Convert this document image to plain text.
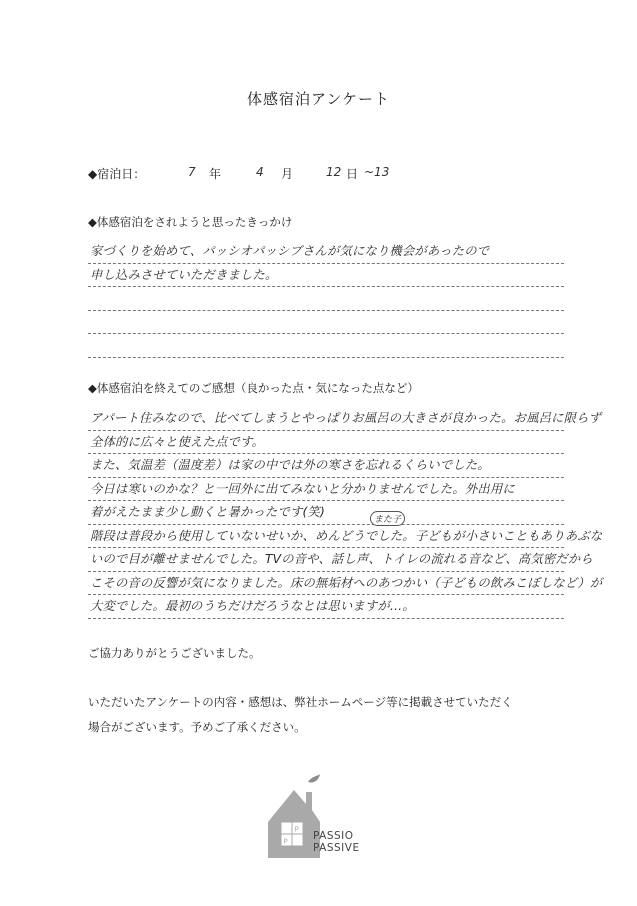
体感宿泊アンケート
◆宿泊日：	7 年	4 月	12 日 ~13
◆体感宿泊をされようと思ったきっかけ
家づくりを始めて、パッシオパッシブさんが気になり機会があったので
申し込みさせていただきました。
◆体感宿泊を終えてのご感想（良かった点・気になった点など）
アパート住みなので、比べてしまうとやっぱりお風呂の大きさが良かった。お風呂に限らず
全体的に広々と使えた点です。
また、気温差（温度差）は家の中では外の寒さを忘れるくらいでした。
今日は寒いのかな？と一回外に出てみないと分かりませんでした。外出用に
着がえたまま少し動くと暑かったです(笑)
階段は普段から使用していないせいか、めんどうでした。子どもが小さいこともありあぶな
いので目が離せませんでした。TVの音や、話し声、トイレの流れる音など、高気密だから
こその音の反響が気になりました。床の無垢材へのあつかい（子どもの飲みこぼしなど）が
大変でした。最初のうちだけだろうなとは思いますが…。
また子
ご協力ありがとうございました。
いただいたアンケートの内容・感想は、弊社ホームページ等に掲載させていただく
場合がございます。予めご了承ください。
P
P PASSIO
PASSIVE
